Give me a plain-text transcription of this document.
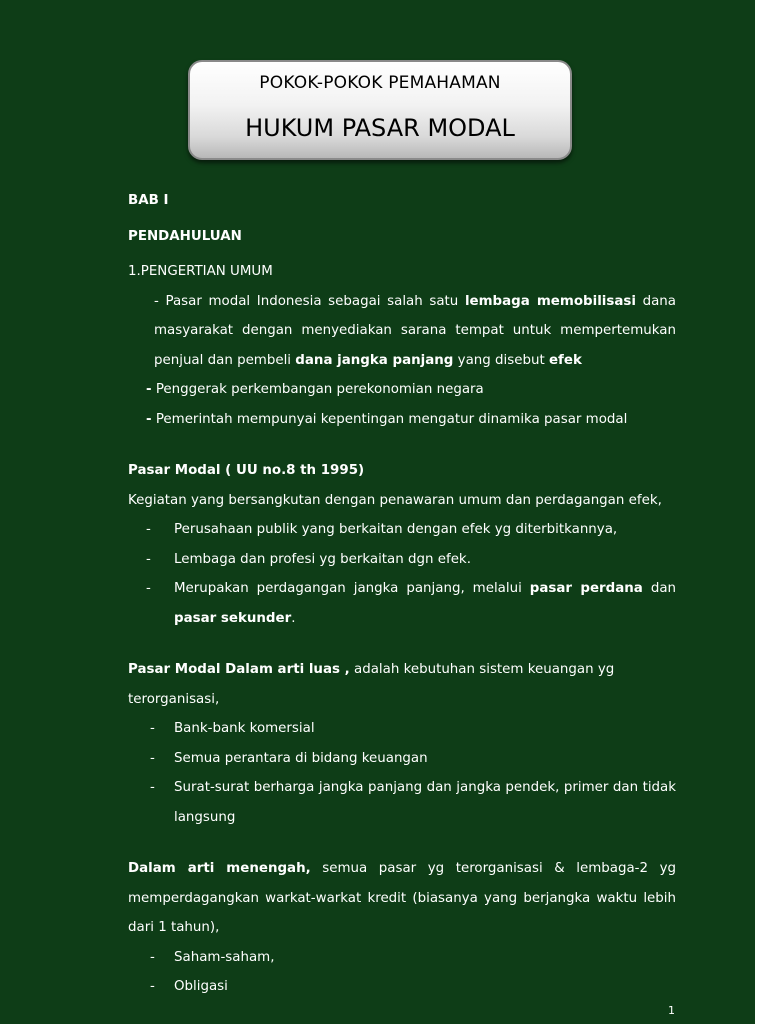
POKOK-POKOK PEMAHAMAN
HUKUM PASAR MODAL

BAB I

PENDAHULUAN

1.PENGERTIAN UMUM

- Pasar modal Indonesia sebagai salah satu lembaga memobilisasi dana masyarakat dengan menyediakan sarana tempat untuk mempertemukan penjual dan pembeli dana jangka panjang yang disebut efek

- Penggerak perkembangan perekonomian negara

- Pemerintah mempunyai kepentingan mengatur dinamika pasar modal

Pasar Modal ( UU no.8 th 1995)

Kegiatan yang bersangkutan dengan penawaran umum dan perdagangan efek,

- Perusahaan publik yang berkaitan dengan efek yg diterbitkannya,

- Lembaga dan profesi yg berkaitan dgn efek.

- Merupakan perdagangan jangka panjang, melalui pasar perdana dan pasar sekunder.

Pasar Modal Dalam arti luas , adalah kebutuhan sistem keuangan yg terorganisasi,

- Bank-bank komersial

- Semua perantara di bidang keuangan

- Surat-surat berharga jangka panjang dan jangka pendek, primer dan tidak langsung

Dalam arti menengah, semua pasar yg terorganisasi & lembaga-2 yg memperdagangkan warkat-warkat kredit (biasanya yang berjangka waktu lebih dari 1 tahun),

- Saham-saham,

- Obligasi

1
